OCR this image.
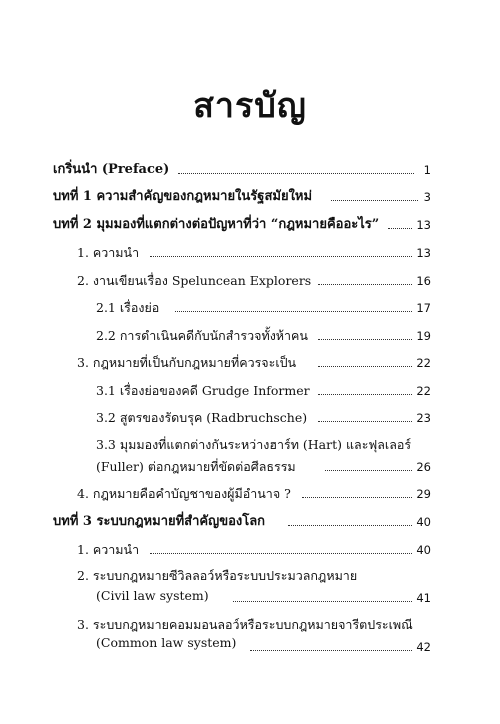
สารบัญ
เกริ่นนำ (Preface)	1
บทที่ 1 ความสำคัญของกฎหมายในรัฐสมัยใหม่	3
บทที่ 2 มุมมองที่แตกต่างต่อปัญหาที่ว่า “กฎหมายคืออะไร”	13
1. ความนำ	13
2. งานเขียนเรื่อง Speluncean Explorers	16
2.1 เรื่องย่อ	17
2.2 การดำเนินคดีกับนักสำรวจทั้งห้าคน	19
3. กฎหมายที่เป็นกับกฎหมายที่ควรจะเป็น	22
3.1 เรื่องย่อของคดี Grudge Informer	22
3.2 สูตรของรัดบรุค (Radbruchsche)	23
3.3 มุมมองที่แตกต่างกันระหว่างฮาร์ท (Hart) และฟุลเลอร์
(Fuller) ต่อกฎหมายที่ขัดต่อศีลธรรม	26
4. กฎหมายคือคำบัญชาของผู้มีอำนาจ ?	29
บทที่ 3 ระบบกฎหมายที่สำคัญของโลก	40
1. ความนำ	40
2. ระบบกฎหมายซีวิลลอว์หรือระบบประมวลกฎหมาย
(Civil law system)	41
3. ระบบกฎหมายคอมมอนลอว์หรือระบบกฎหมายจารีตประเพณี
(Common law system)	42
